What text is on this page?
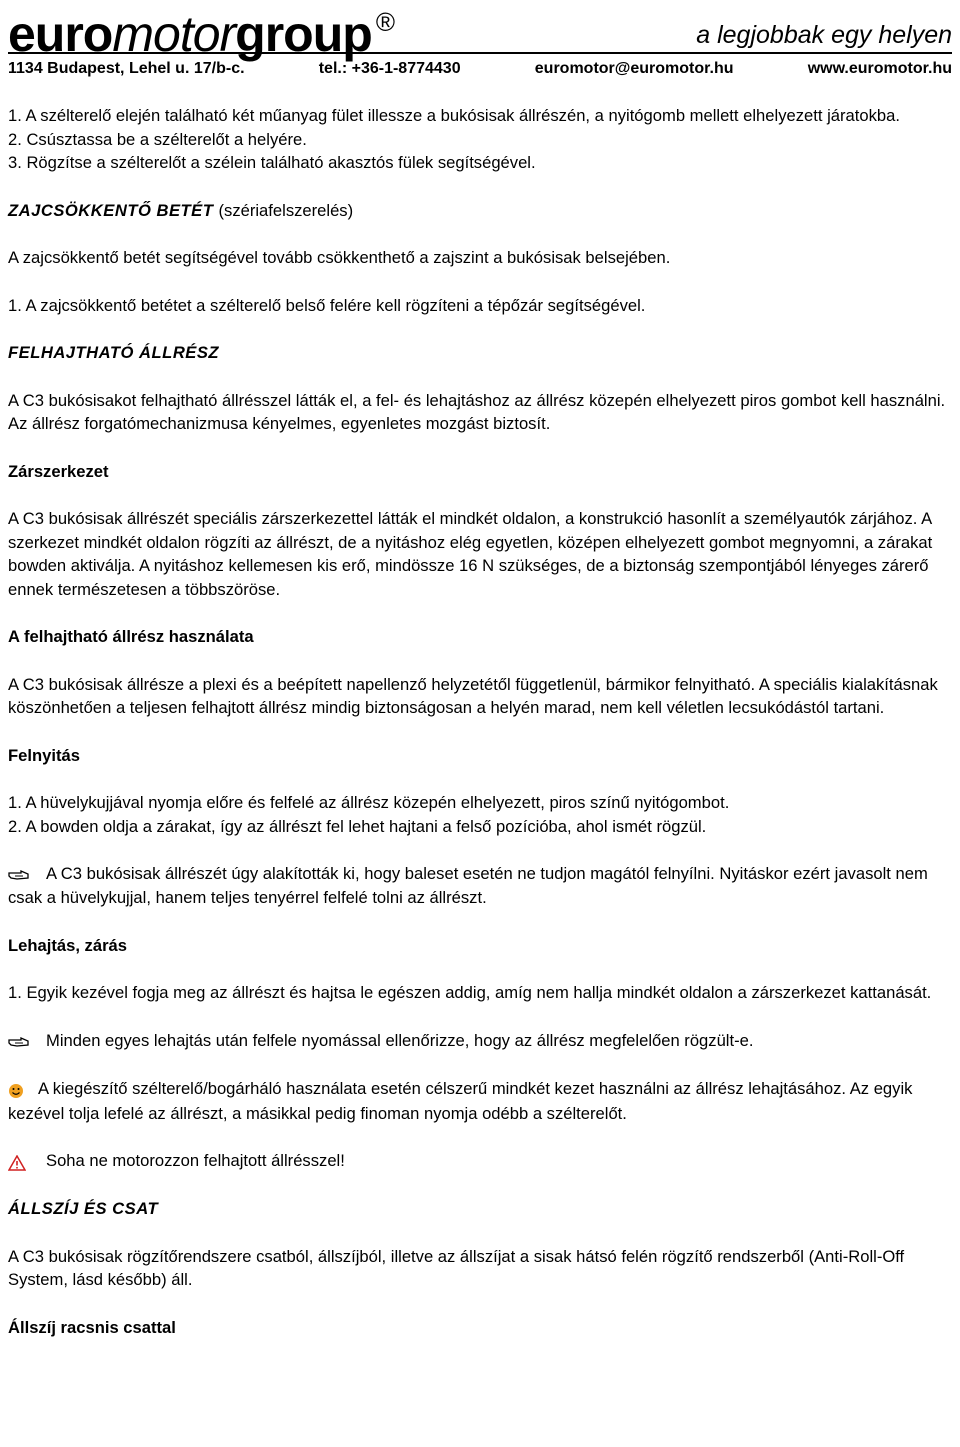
euromotorgroup ®	a legjobbak egy helyen
1134 Budapest, Lehel u. 17/b-c.	tel.: +36-1-8774430	euromotor@euromotor.hu	www.euromotor.hu

1. A szélterelő elején található két műanyag fület illessze a bukósisak állrészén, a nyitógomb mellett elhelyezett járatokba.

2. Csúsztassa be a szélterelőt a helyére.

3. Rögzítse a szélterelőt a szélein található akasztós fülek segítségével.

ZAJCSÖKKENTŐ BETÉT (szériafelszerelés)

A zajcsökkentő betét segítségével tovább csökkenthető a zajszint a bukósisak belsejében.

1. A zajcsökkentő betétet a szélterelő belső felére kell rögzíteni a tépőzár segítségével.

FELHAJTHATÓ ÁLLRÉSZ

A C3 bukósisakot felhajtható állrésszel látták el, a fel- és lehajtáshoz az állrész közepén elhelyezett piros gombot kell használni. Az állrész forgatómechanizmusa kényelmes, egyenletes mozgást biztosít.

Zárszerkezet

A C3 bukósisak állrészét speciális zárszerkezettel látták el mindkét oldalon, a konstrukció hasonlít a személyautók zárjához. A szerkezet mindkét oldalon rögzíti az állrészt, de a nyitáshoz elég egyetlen, középen elhelyezett gombot megnyomni, a zárakat bowden aktiválja. A nyitáshoz kellemesen kis erő, mindössze 16 N szükséges, de a biztonság szempontjából lényeges zárerő ennek természetesen a többszöröse.

A felhajtható állrész használata

A C3 bukósisak állrésze a plexi és a beépített napellenző helyzetétől függetlenül, bármikor felnyitható. A speciális kialakításnak köszönhetően a teljesen felhajtott állrész mindig biztonságosan a helyén marad, nem kell véletlen lecsukódástól tartani.

Felnyitás

1. A hüvelykujjával nyomja előre és felfelé az állrész közepén elhelyezett, piros színű nyitógombot.

2. A bowden oldja a zárakat, így az állrészt fel lehet hajtani a felső pozícióba, ahol ismét rögzül.

A C3 bukósisak állrészét úgy alakították ki, hogy baleset esetén ne tudjon magától felnyílni. Nyitáskor ezért javasolt nem csak a hüvelykujjal, hanem teljes tenyérrel felfelé tolni az állrészt.

Lehajtás, zárás

1. Egyik kezével fogja meg az állrészt és hajtsa le egészen addig, amíg nem hallja mindkét oldalon a zárszerkezet kattanását.

Minden egyes lehajtás után felfele nyomással ellenőrizze, hogy az állrész megfelelően rögzült-e.

A kiegészítő szélterelő/bogárháló használata esetén célszerű mindkét kezet használni az állrész lehajtásához. Az egyik kezével tolja lefelé az állrészt, a másikkal pedig finoman nyomja odébb a szélterelőt.

Soha ne motorozzon felhajtott állrésszel!

ÁLLSZÍJ ÉS CSAT

A C3 bukósisak rögzítőrendszere csatból, állszíjból, illetve az állszíjat a sisak hátsó felén rögzítő rendszerből (Anti-Roll-Off System, lásd később) áll.

Állszíj racsnis csattal
